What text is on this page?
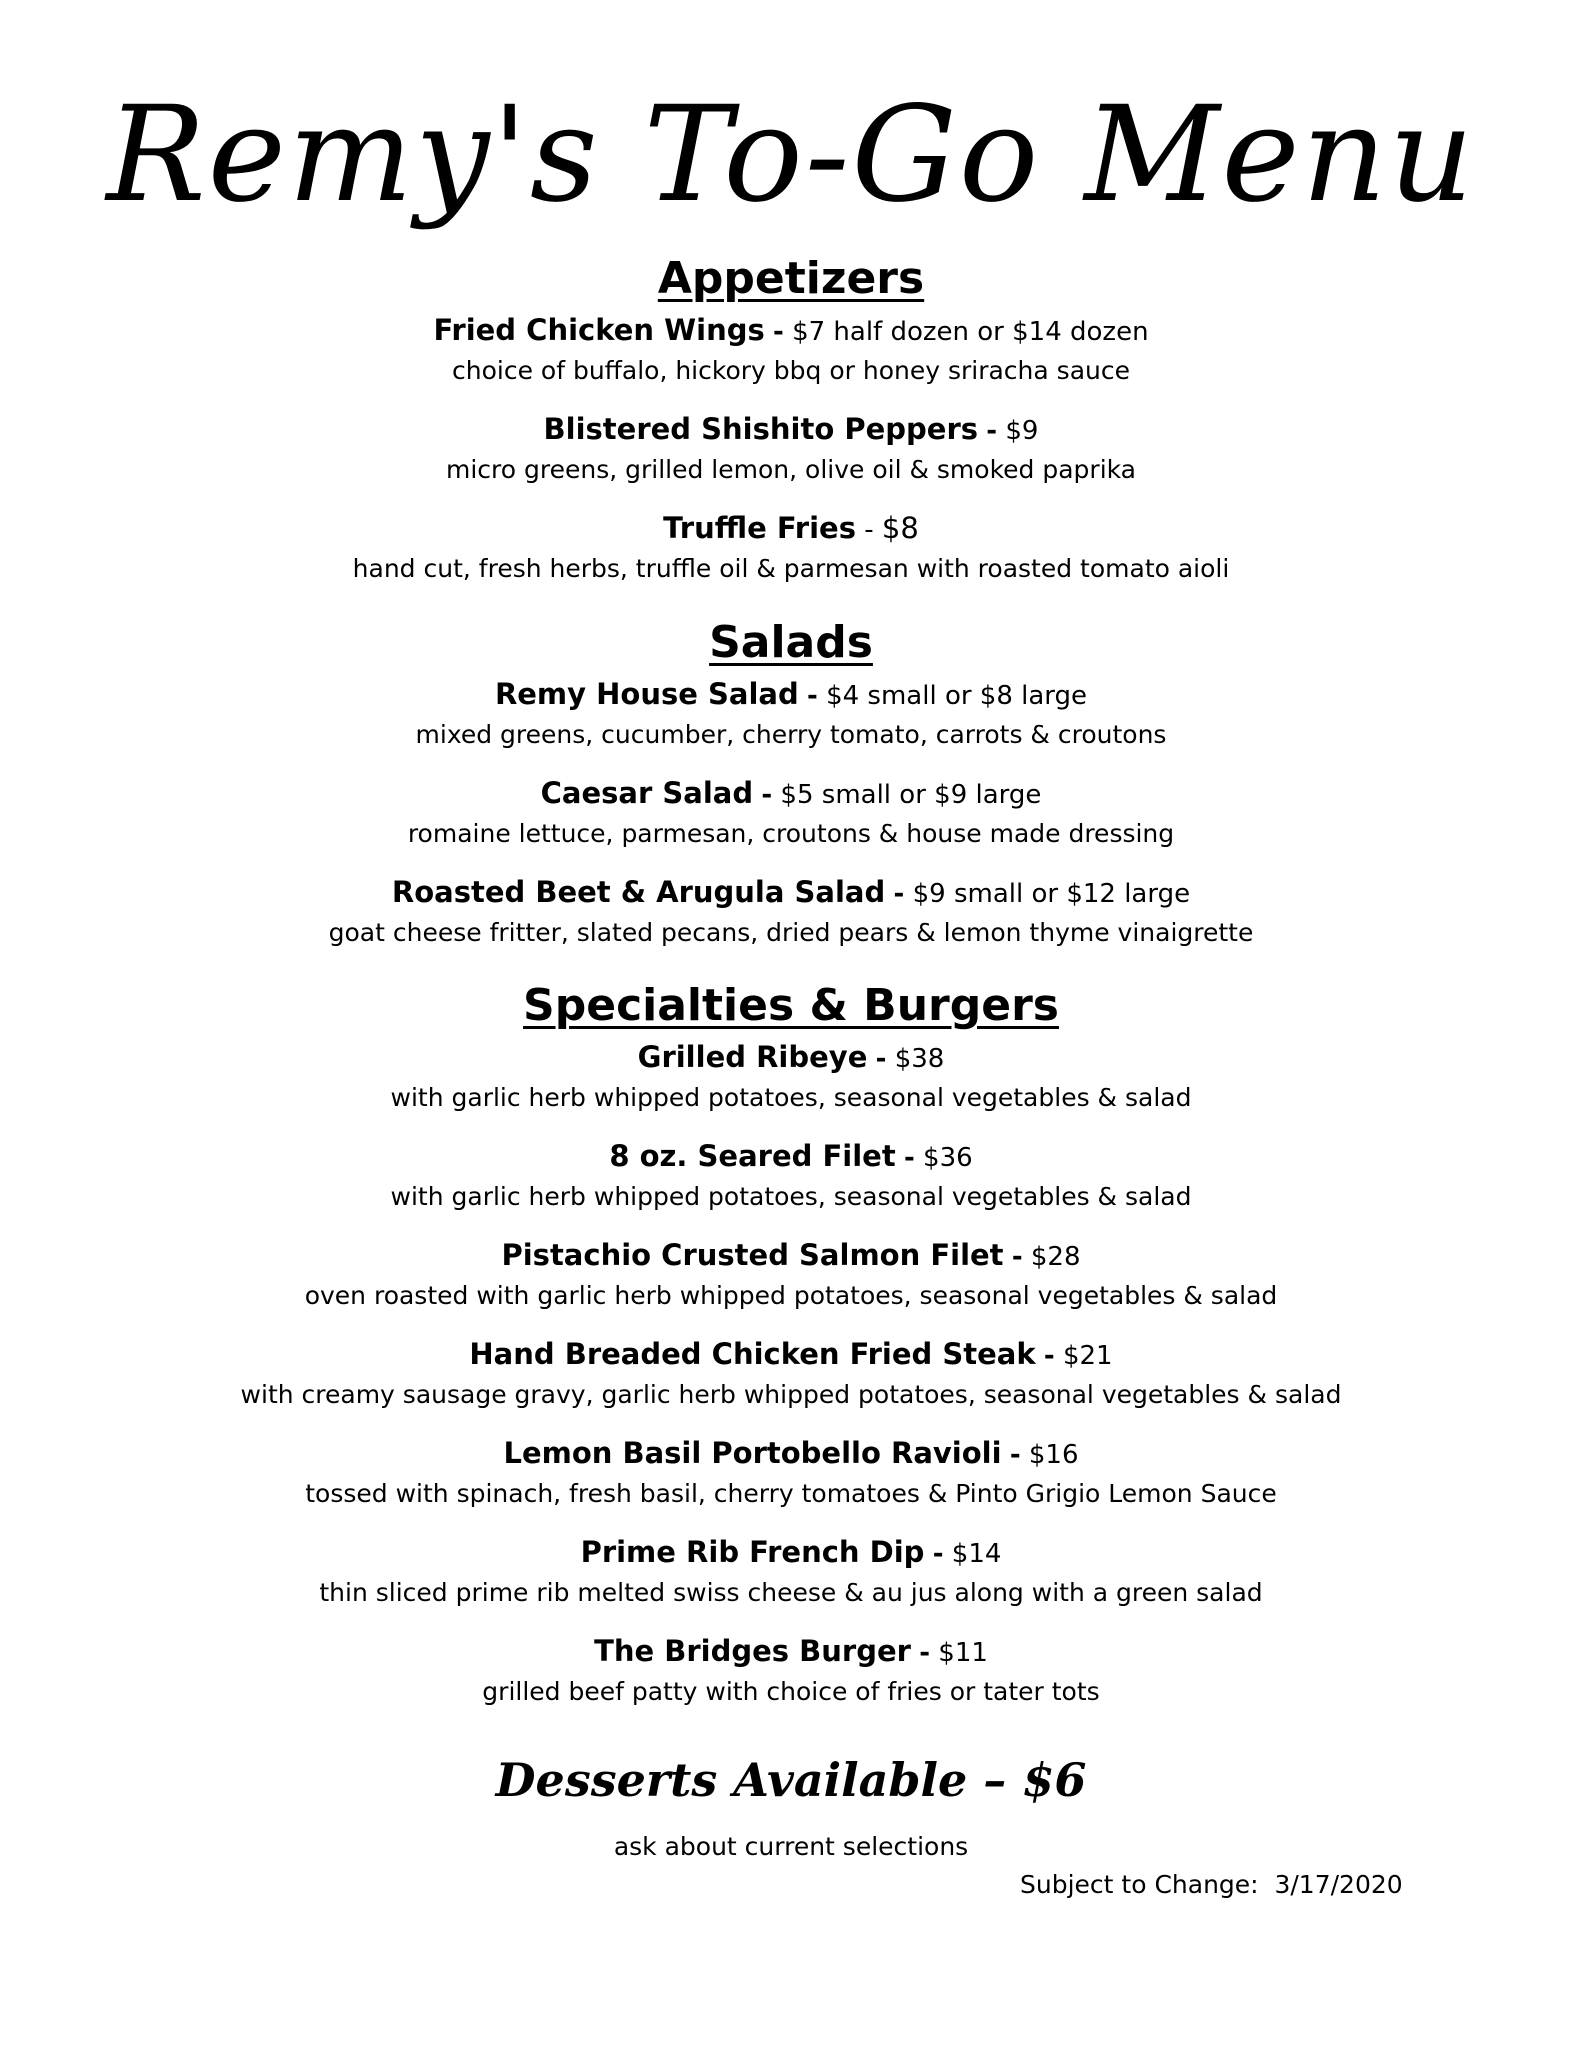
Remy's To-Go Menu
Appetizers
Fried Chicken Wings - $7 half dozen or $14 dozen
choice of buffalo, hickory bbq or honey sriracha sauce
Blistered Shishito Peppers - $9
micro greens, grilled lemon, olive oil & smoked paprika
Truffle Fries - $8
hand cut, fresh herbs, truffle oil & parmesan with roasted tomato aioli
Salads
Remy House Salad - $4 small or $8 large
mixed greens, cucumber, cherry tomato, carrots & croutons
Caesar Salad - $5 small or $9 large
romaine lettuce, parmesan, croutons & house made dressing
Roasted Beet & Arugula Salad - $9 small or $12 large
goat cheese fritter, slated pecans, dried pears & lemon thyme vinaigrette
Specialties & Burgers
Grilled Ribeye - $38
with garlic herb whipped potatoes, seasonal vegetables & salad
8 oz. Seared Filet - $36
with garlic herb whipped potatoes, seasonal vegetables & salad
Pistachio Crusted Salmon Filet - $28
oven roasted with garlic herb whipped potatoes, seasonal vegetables & salad
Hand Breaded Chicken Fried Steak - $21
with creamy sausage gravy, garlic herb whipped potatoes, seasonal vegetables & salad
Lemon Basil Portobello Ravioli - $16
tossed with spinach, fresh basil, cherry tomatoes & Pinto Grigio Lemon Sauce
Prime Rib French Dip - $14
thin sliced prime rib melted swiss cheese & au jus along with a green salad
The Bridges Burger - $11
grilled beef patty with choice of fries or tater tots
Desserts Available – $6
ask about current selections
Subject to Change:  3/17/2020
